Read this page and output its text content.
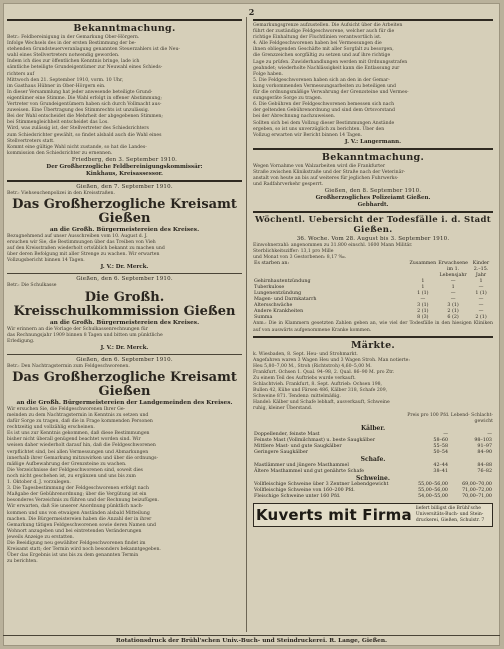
2
Bekanntmachung.
Betr.: Feldbereinigung in der Gemarkung Ober-Hörgern.
Infolge Wechsels des in der ersten Bestimmung der be-
stehenden Grundsteuerveranlagung genannten Steuerzahlers ist die Neu-
wahl eines Stellvertreters notwendig geworden.
Indem ich dies zur öffentlichen Kenntnis bringe, lade ich
sämtliche beteiligte Grundeigentümer zur Neuwahl eines Schieds-
richters auf
Mittwoch den 21. September 1910, vorm. 10 Uhr,
im Gasthaus Hübner in Ober-Hörgern ein.
In dieser Versammlung hat jeder anwesende beteiligte Grund-
eigentümer eine Stimme. Die Wahl erfolgt in offener Abstimmung;
Vertreter von Grundeigentümern haben sich durch Vollmacht aus-
zuweisen. Eine Übertragung des Stimmrechts ist unzulässig.
Bei der Wahl entscheidet die Mehrheit der abgegebenen Stimmen;
bei Stimmengleichheit entscheidet das Los.
Wird, was zulässig ist, der Stellvertreter des Schiedsrichters
zum Schiedsrichter gewählt, so findet alsbald auch die Wahl eines
Stellvertreters statt.
Kommt eine gültige Wahl nicht zustande, so hat die Landes-
kommission den Schiedsrichter zu ernennen.
Friedberg, den 3. September 1910.
Der Großherzogliche Feldbereinigungskommissär:
Kinkhaus, Kreisassessor.
Gießen, den 7. September 1910.
Betr.: Viehseuchenpolizei in den Kreisstraßen.
Das Großherzogliche Kreisamt Gießen
an die Großh. Bürgermeistereien des Kreises.
Bezugnehmend auf unser Ausschreiben vom 10. August d. J.
ersuchen wir Sie, die Bestimmungen über das Treiben von Vieh
auf den Kreisstraßen wiederholt ortsüblich bekannt zu machen und
über deren Befolgung mit aller Strenge zu wachen. Wir erwarten
Vollzugsbericht binnen 14 Tagen.
J. V.: Dr. Merck.
Gießen, den 6. September 1910.
Betr.: Die Schulkasse
Die Großh. Kreisschulkommission Gießen
an die Großh. Bürgermeistereien des Kreises.
Wir erinnern an die Vorlage der Schulkassenrechnungen für
das Rechnungsjahr 1909 binnen 8 Tagen und bitten um pünktliche
Erledigung.
J. V.: Dr. Merck.
Gießen, den 6. September 1910.
Betr.: Den Nachtragstermin zum Feldgeschworenen.
Das Großherzogliche Kreisamt Gießen
an die Großh. Bürgermeistereien der Landgemeinden des Kreises.
Wir ersuchen Sie, die Feldgeschworenen Ihrer Ge-
meinden zu dem Nachtragstermin in Kenntnis zu setzen und
dafür Sorge zu tragen, daß die in Frage kommenden Personen
rechtzeitig und vollzählig erscheinen.
Es ist uns zur Kenntnis gekommen, daß diese Bestimmungen
bisher nicht überall genügend beachtet worden sind. Wir
weisen daher wiederholt darauf hin, daß die Feldgeschworenen
verpflichtet sind, bei allen Vermessungen und Abmarkungen
innerhalb ihrer Gemarkung mitzuwirken und über die ordnungs-
mäßige Aufbewahrung der Grenzsteine zu wachen.
Die Verzeichnisse der Feldgeschworenen sind, soweit dies
noch nicht geschehen ist, zu ergänzen und uns bis zum
1. Oktober d. J. vorzulegen.
3. Die Tagesbestimmung der Feldgeschworenen erfolgt nach
Maßgabe der Gebührenordnung; über die Vergütung ist ein
besonderes Verzeichnis zu führen und der Rechnung beizufügen.
Wir erwarten, daß Sie unserer Anordnung pünktlich nach-
kommen und uns von etwaigen Anständen alsbald Mitteilung
machen. Die Bürgermeistereien haben die Anzahl der in ihrer
Gemarkung tätigen Feldgeschworenen sowie deren Namen und
Wohnort anzugeben und bei eintretenden Veränderungen
jeweils Anzeige zu erstatten.
Die Beeidigung neu gewählter Feldgeschworenen findet im
Kreisamt statt; der Termin wird noch besonders bekanntgegeben.
Über das Ergebnis ist uns bis zu dem genannten Termin
zu berichten.
Gemarkungsgrenze aufzustellen. Die Aufsicht über die Arbeiten
führt der zuständige Feldgeschworene, welcher auch für die
richtige Einhaltung der Fluchtlinien verantwortlich ist.
4. Alle Feldgeschworenen haben bei Vermessungen die
ihnen obliegenden Geschäfte mit aller Sorgfalt zu besorgen,
die Grenzzeichen sorgfältig zu setzen und auf ihre richtige
Lage zu prüfen. Zuwiderhandlungen werden mit Ordnungsstrafen
geahndet; wiederholte Nachlässigkeit kann die Entlassung zur
Folge haben.
5. Die Feldgeschworenen haben sich an den in der Gemar-
kung vorkommenden Vermessungsarbeiten zu beteiligen und
für die ordnungsmäßige Verwahrung der Grenzsteine und Vermes-
sungsgeräte Sorge zu tragen.
6. Die Gebühren der Feldgeschworenen bemessen sich nach
der geltenden Gebührenordnung und sind dem Ortsvorstand
bei der Abrechnung nachzuweisen.
Sollten sich bei dem Vollzug dieser Bestimmungen Anstände
ergeben, so ist uns unverzüglich zu berichten. Über den
Vollzug erwarten wir Bericht binnen 14 Tagen.
J. V.: Langermann.
Bekanntmachung.
Wegen Vornahme von Walzarbeiten wird die Frankfurter
Straße zwischen Klinikstraße und der Straße nach der Veterinär-
anstalt von heute an bis auf weiteres für jeglichen Fuhrwerks-
und Radfahrverkehr gesperrt.
Gießen, den 8. September 1910.
Großherzogliches Polizeiamt Gießen.
Gebhardt.
Wöchentl. Uebersicht der Todesfälle i. d. Stadt Gießen.
36. Woche. Vom 28. August bis 3. September 1910.
Einwohnerzahl: angenommen zu 31.800 einschl. 1600 Mann Militär.
Sterblichkeitsziffer: 13,1 pro Mille
und Monat von 3 Gestorbenen: 8,17 ‰.
Es starben an:	Zusammen	Erwachsene	Kinder
		im 1. Lebensjahr	2.–15. Jahr
Gehirnhautentzündung	1	—	1
Tuberkulose	1	1	—
Lungenentzündung	1 (1)	—	1 (1)
Magen- und Darmkatarrh	—	—	—
Altersschwäche	3 (1)	3 (1)	—
Andere Krankheiten	2 (1)	2 (1)	—
Summa	8 (3)	6 (2)	2 (1)
Anm.: Die in Klammern gesetzten Zahlen geben an, wie viel der Todesfälle in den hiesigen Kliniken auf von auswärts aufgenommene Kranke kommen.
Märkte.
k. Wiesbaden, 8. Sept. Heu- und Strohmarkt.
Angefahren waren 3 Wagen Heu und 3 Wagen Stroh. Man notierte:
Heu 5,80–7,00 M., Stroh (Richtstroh) 4,60–5,00 M.
Frankfurt. Ochsen 1. Qual. 94–98, 2. Qual. 86–90 M. pro Ztr.
Zu einem Teil des Auftriebs wurde verkauft.
Schlachtvieh. Frankfurt, 8. Sept. Auftrieb: Ochsen 198,
Bullen 42, Kühe und Färsen 486, Kälber 318, Schafe 209,
Schweine 871. Tendenz: mittelmäßig.
Handel: Kälber und Schafe lebhaft, ausverkauft, Schweine
ruhig, kleiner Überstand.
Preis pro 100 Pfd. Lebend- Schlacht-
gewicht
Kälber.
Doppellender, feinste Mast	—	—
Feinste Mast (Vollmilchmast) u. beste Saugkälber	58–60	98–103
Mittlere Mast- und gute Saugkälber	55–58	91–97
Geringere Saugkälber	50–54	84–90
Schafe.
Mastlämmer und jüngere Masthammel	42–44	84–88
Ältere Masthammel und gut genährte Schafe	38–41	76–82
Schweine.
Vollfleischige Schweine über 3 Zentner Lebendgewicht	55,00–56,00	69,00–70,00
Vollfleischige Schweine von 160–200 Pfd.	55,00–56,00	71,00–72,00
Fleischige Schweine unter 160 Pfd.	54,00–55,00	70,00–71,00
Kuverts mit Firma liefert billigst die Brühl'sche
Universitäts-Buch- und Stein-
druckerei, Gießen, Schulstr. 7
Rotationsdruck der Brühl'schen Univ.-Buch- und Steindruckerei. R. Lange, Gießen.
